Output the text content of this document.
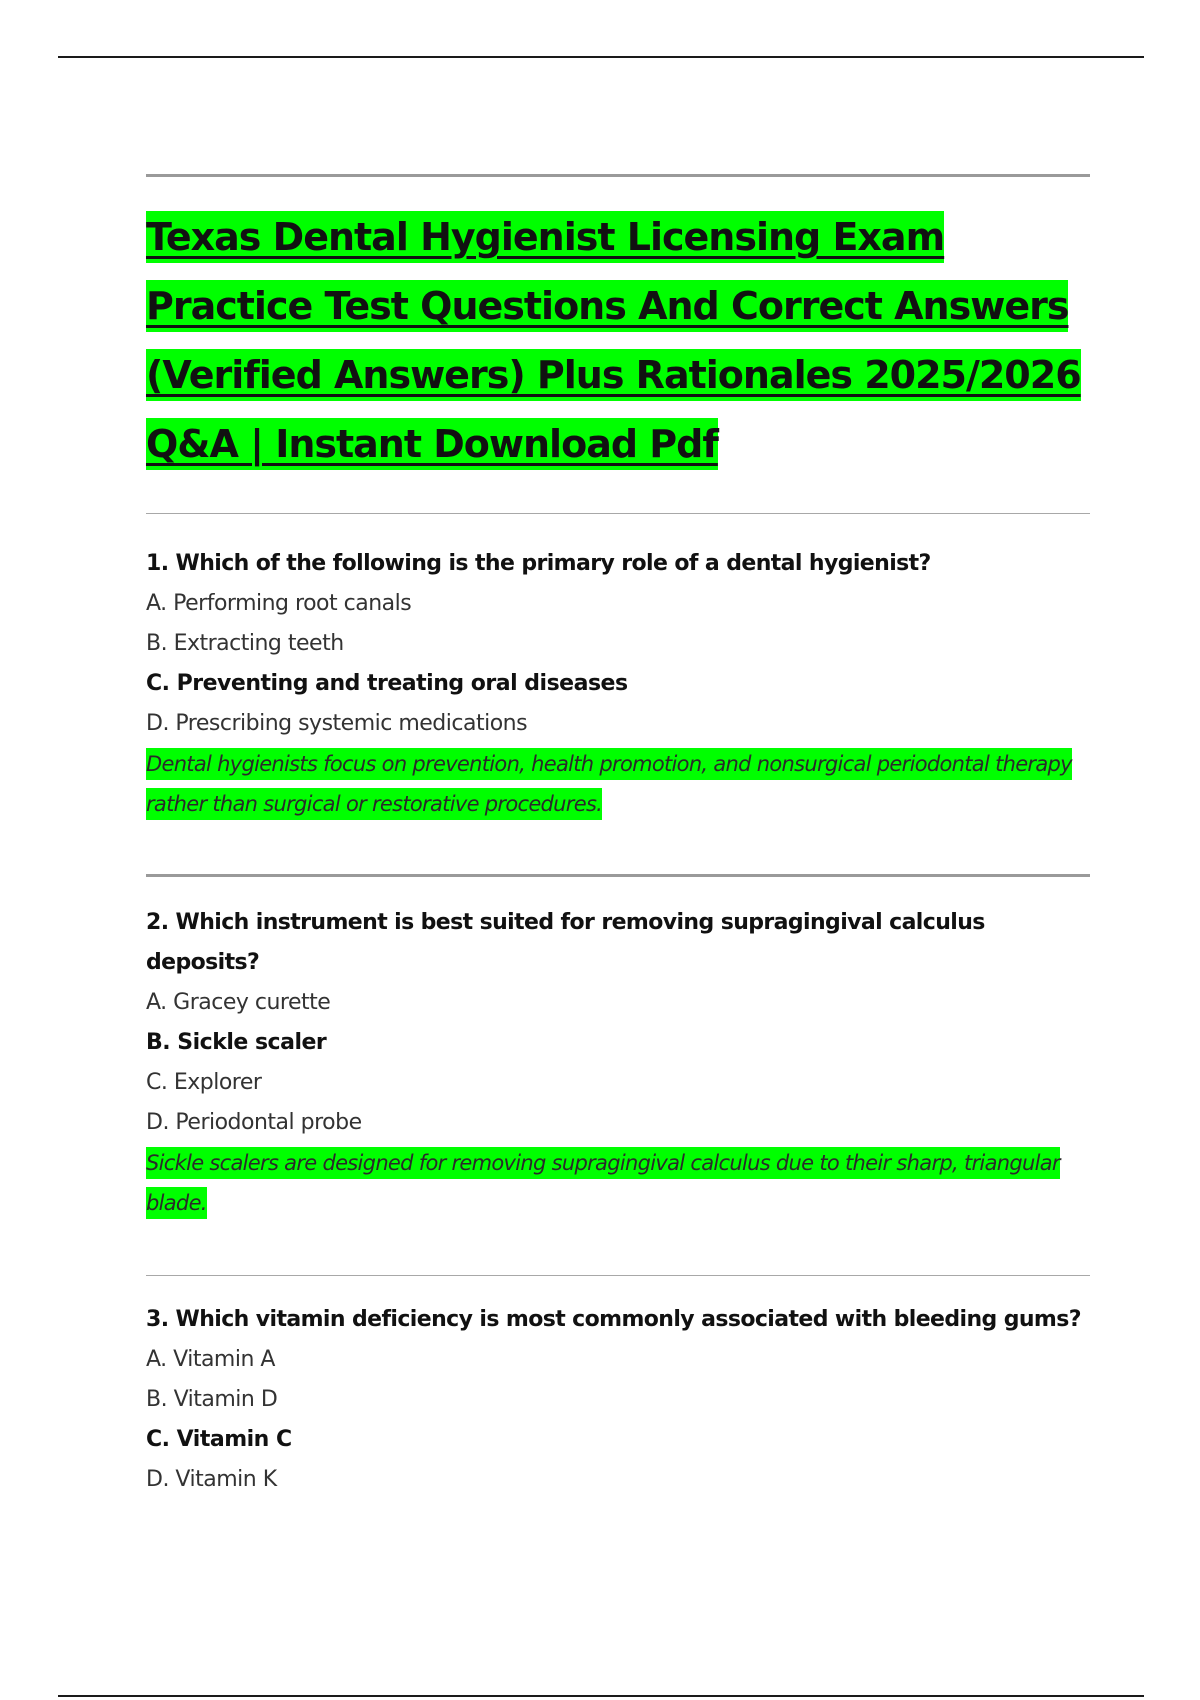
Texas Dental Hygienist Licensing Exam Practice Test Questions And Correct Answers (Verified Answers) Plus Rationales 2025/2026 Q&A | Instant Download Pdf

1. Which of the following is the primary role of a dental hygienist?

A. Performing root canals

B. Extracting teeth

C. Preventing and treating oral diseases

D. Prescribing systemic medications

Dental hygienists focus on prevention, health promotion, and nonsurgical periodontal therapy rather than surgical or restorative procedures.

2. Which instrument is best suited for removing supragingival calculus deposits?

A. Gracey curette

B. Sickle scaler

C. Explorer

D. Periodontal probe

Sickle scalers are designed for removing supragingival calculus due to their sharp, triangular blade.

3. Which vitamin deficiency is most commonly associated with bleeding gums?

A. Vitamin A

B. Vitamin D

C. Vitamin C

D. Vitamin K
